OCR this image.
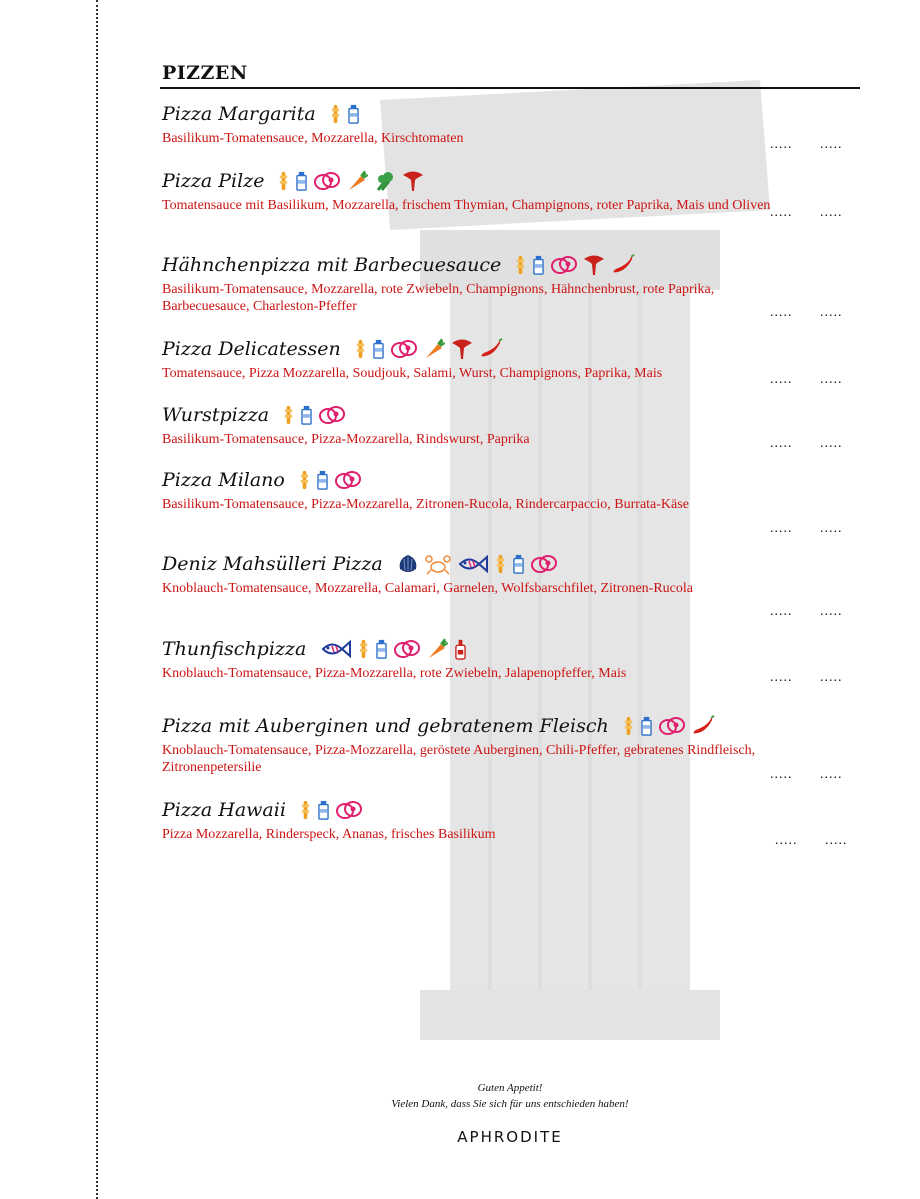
PIZZEN
Pizza Margarita
Basilikum-Tomatensauce, Mozzarella, Kirschtomaten	..... .....
Pizza Pilze
Tomatensauce mit Basilikum, Mozzarella, frischem Thymian, Champignons, roter Paprika, Mais und Oliven ..... .....
Hähnchenpizza mit Barbecuesauce
Basilikum-Tomatensauce, Mozzarella, rote Zwiebeln, Champignons, Hähnchenbrust, rote Paprika, Barbecuesauce, Charleston-Pfeffer	..... .....
Pizza Delicatessen
Tomatensauce, Pizza Mozzarella, Soudjouk, Salami, Wurst, Champignons, Paprika, Mais	..... .....
Wurstpizza
Basilikum-Tomatensauce, Pizza-Mozzarella, Rindswurst, Paprika	..... .....
Pizza Milano
Basilikum-Tomatensauce, Pizza-Mozzarella, Zitronen-Rucola, Rindercarpaccio, Burrata-Käse
..... .....
Deniz Mahsülleri Pizza
Knoblauch-Tomatensauce, Mozzarella, Calamari, Garnelen, Wolfsbarschfilet, Zitronen-Rucola
..... .....
Thunfischpizza
Knoblauch-Tomatensauce, Pizza-Mozzarella, rote Zwiebeln, Jalapenopfeffer, Mais	..... .....
Pizza mit Auberginen und gebratenem Fleisch
Knoblauch-Tomatensauce, Pizza-Mozzarella, geröstete Auberginen, Chili-Pfeffer, gebratenes Rindfleisch, Zitronenpetersilie	..... .....
Pizza Hawaii
Pizza Mozzarella, Rinderspeck, Ananas, frisches Basilikum	..... .....
Guten Appetit!
Vielen Dank, dass Sie sich für uns entschieden haben!
APHRODITE
